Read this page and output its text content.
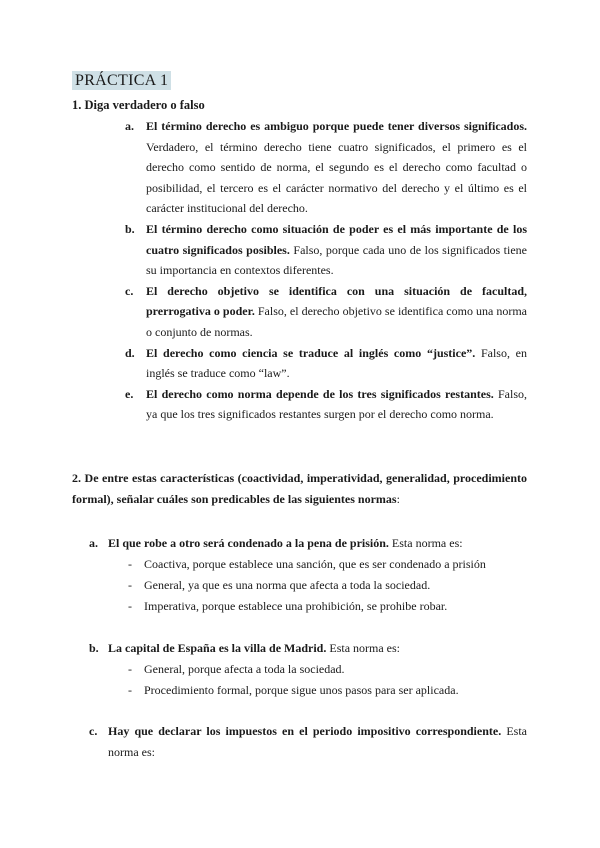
PRÁCTICA 1
1. Diga verdadero o falso
a. El término derecho es ambiguo porque puede tener diversos significados. Verdadero, el término derecho tiene cuatro significados, el primero es el derecho como sentido de norma, el segundo es el derecho como facultad o posibilidad, el tercero es el carácter normativo del derecho y el último es el carácter institucional del derecho.
b. El término derecho como situación de poder es el más importante de los cuatro significados posibles. Falso, porque cada uno de los significados tiene su importancia en contextos diferentes.
c. El derecho objetivo se identifica con una situación de facultad, prerrogativa o poder. Falso, el derecho objetivo se identifica como una norma o conjunto de normas.
d. El derecho como ciencia se traduce al inglés como “justice”. Falso, en inglés se traduce como “law”.
e. El derecho como norma depende de los tres significados restantes. Falso, ya que los tres significados restantes surgen por el derecho como norma.
2. De entre estas características (coactividad, imperatividad, generalidad, procedimiento formal), señalar cuáles son predicables de las siguientes normas:
a. El que robe a otro será condenado a la pena de prisión. Esta norma es:
- Coactiva, porque establece una sanción, que es ser condenado a prisión
- General, ya que es una norma que afecta a toda la sociedad.
- Imperativa, porque establece una prohibición, se prohibe robar.
b. La capital de España es la villa de Madrid. Esta norma es:
- General, porque afecta a toda la sociedad.
- Procedimiento formal, porque sigue unos pasos para ser aplicada.
c. Hay que declarar los impuestos en el periodo impositivo correspondiente. Esta norma es:
